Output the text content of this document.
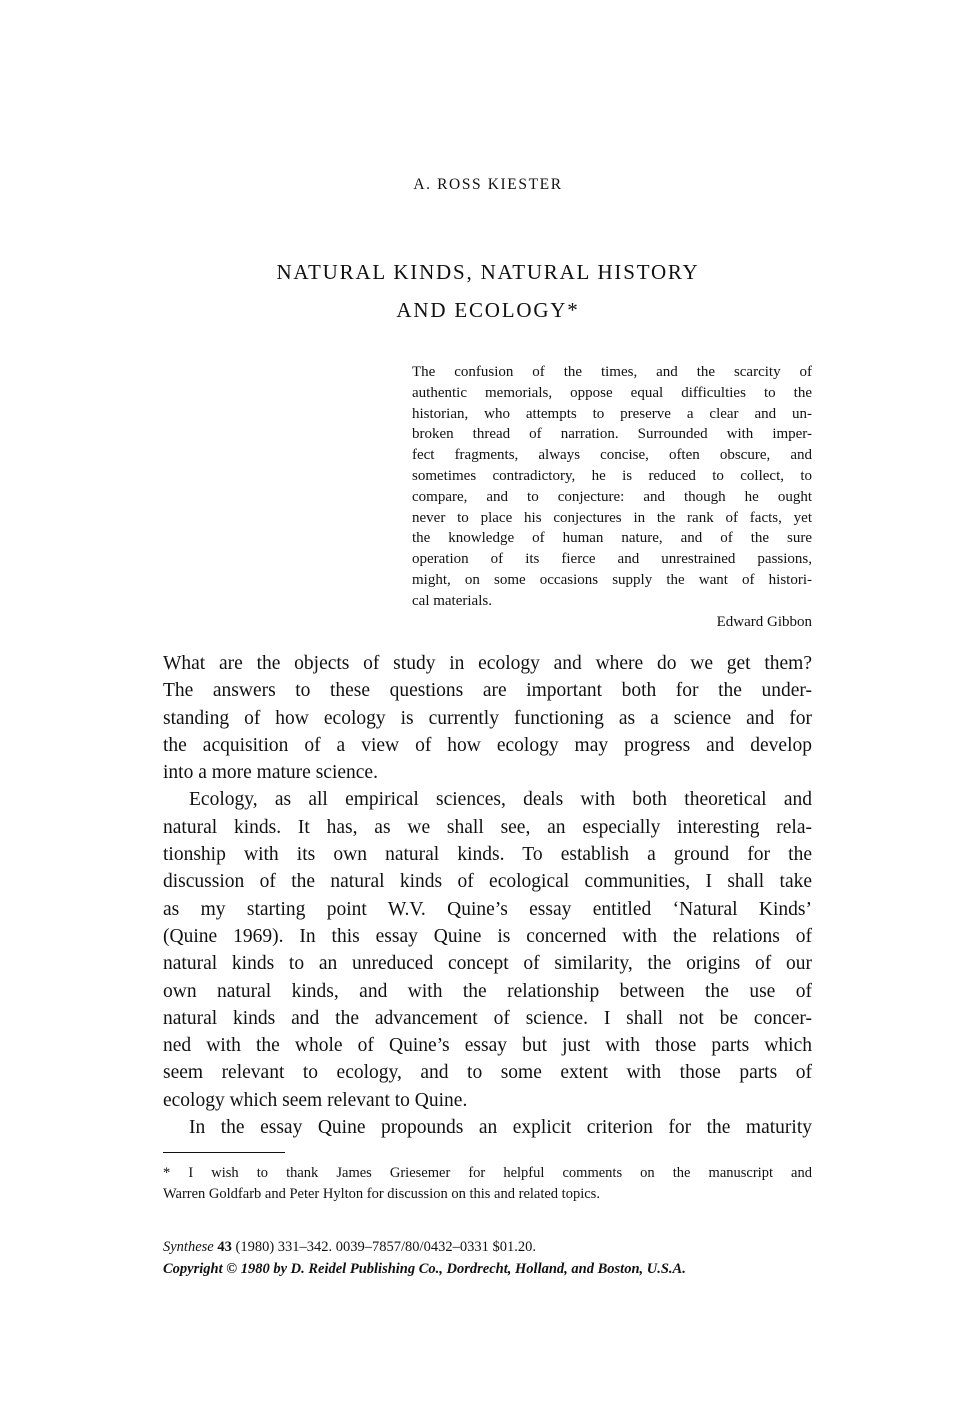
A. ROSS KIESTER
NATURAL KINDS, NATURAL HISTORY
AND ECOLOGY*
The confusion of the times, and the scarcity of
authentic memorials, oppose equal difficulties to the
historian, who attempts to preserve a clear and un-
broken thread of narration. Surrounded with imper-
fect fragments, always concise, often obscure, and
sometimes contradictory, he is reduced to collect, to
compare, and to conjecture: and though he ought
never to place his conjectures in the rank of facts, yet
the knowledge of human nature, and of the sure
operation of its fierce and unrestrained passions,
might, on some occasions supply the want of histori-
cal materials.
Edward Gibbon
What are the objects of study in ecology and where do we get them?
The answers to these questions are important both for the under-
standing of how ecology is currently functioning as a science and for
the acquisition of a view of how ecology may progress and develop
into a more mature science.
Ecology, as all empirical sciences, deals with both theoretical and
natural kinds. It has, as we shall see, an especially interesting rela-
tionship with its own natural kinds. To establish a ground for the
discussion of the natural kinds of ecological communities, I shall take
as my starting point W.V. Quine’s essay entitled ‘Natural Kinds’
(Quine 1969). In this essay Quine is concerned with the relations of
natural kinds to an unreduced concept of similarity, the origins of our
own natural kinds, and with the relationship between the use of
natural kinds and the advancement of science. I shall not be concer-
ned with the whole of Quine’s essay but just with those parts which
seem relevant to ecology, and to some extent with those parts of
ecology which seem relevant to Quine.
In the essay Quine propounds an explicit criterion for the maturity
* I wish to thank James Griesemer for helpful comments on the manuscript and
Warren Goldfarb and Peter Hylton for discussion on this and related topics.
Synthese 43 (1980) 331–342. 0039–7857/80/0432–0331 $01.20.
Copyright © 1980 by D. Reidel Publishing Co., Dordrecht, Holland, and Boston, U.S.A.
